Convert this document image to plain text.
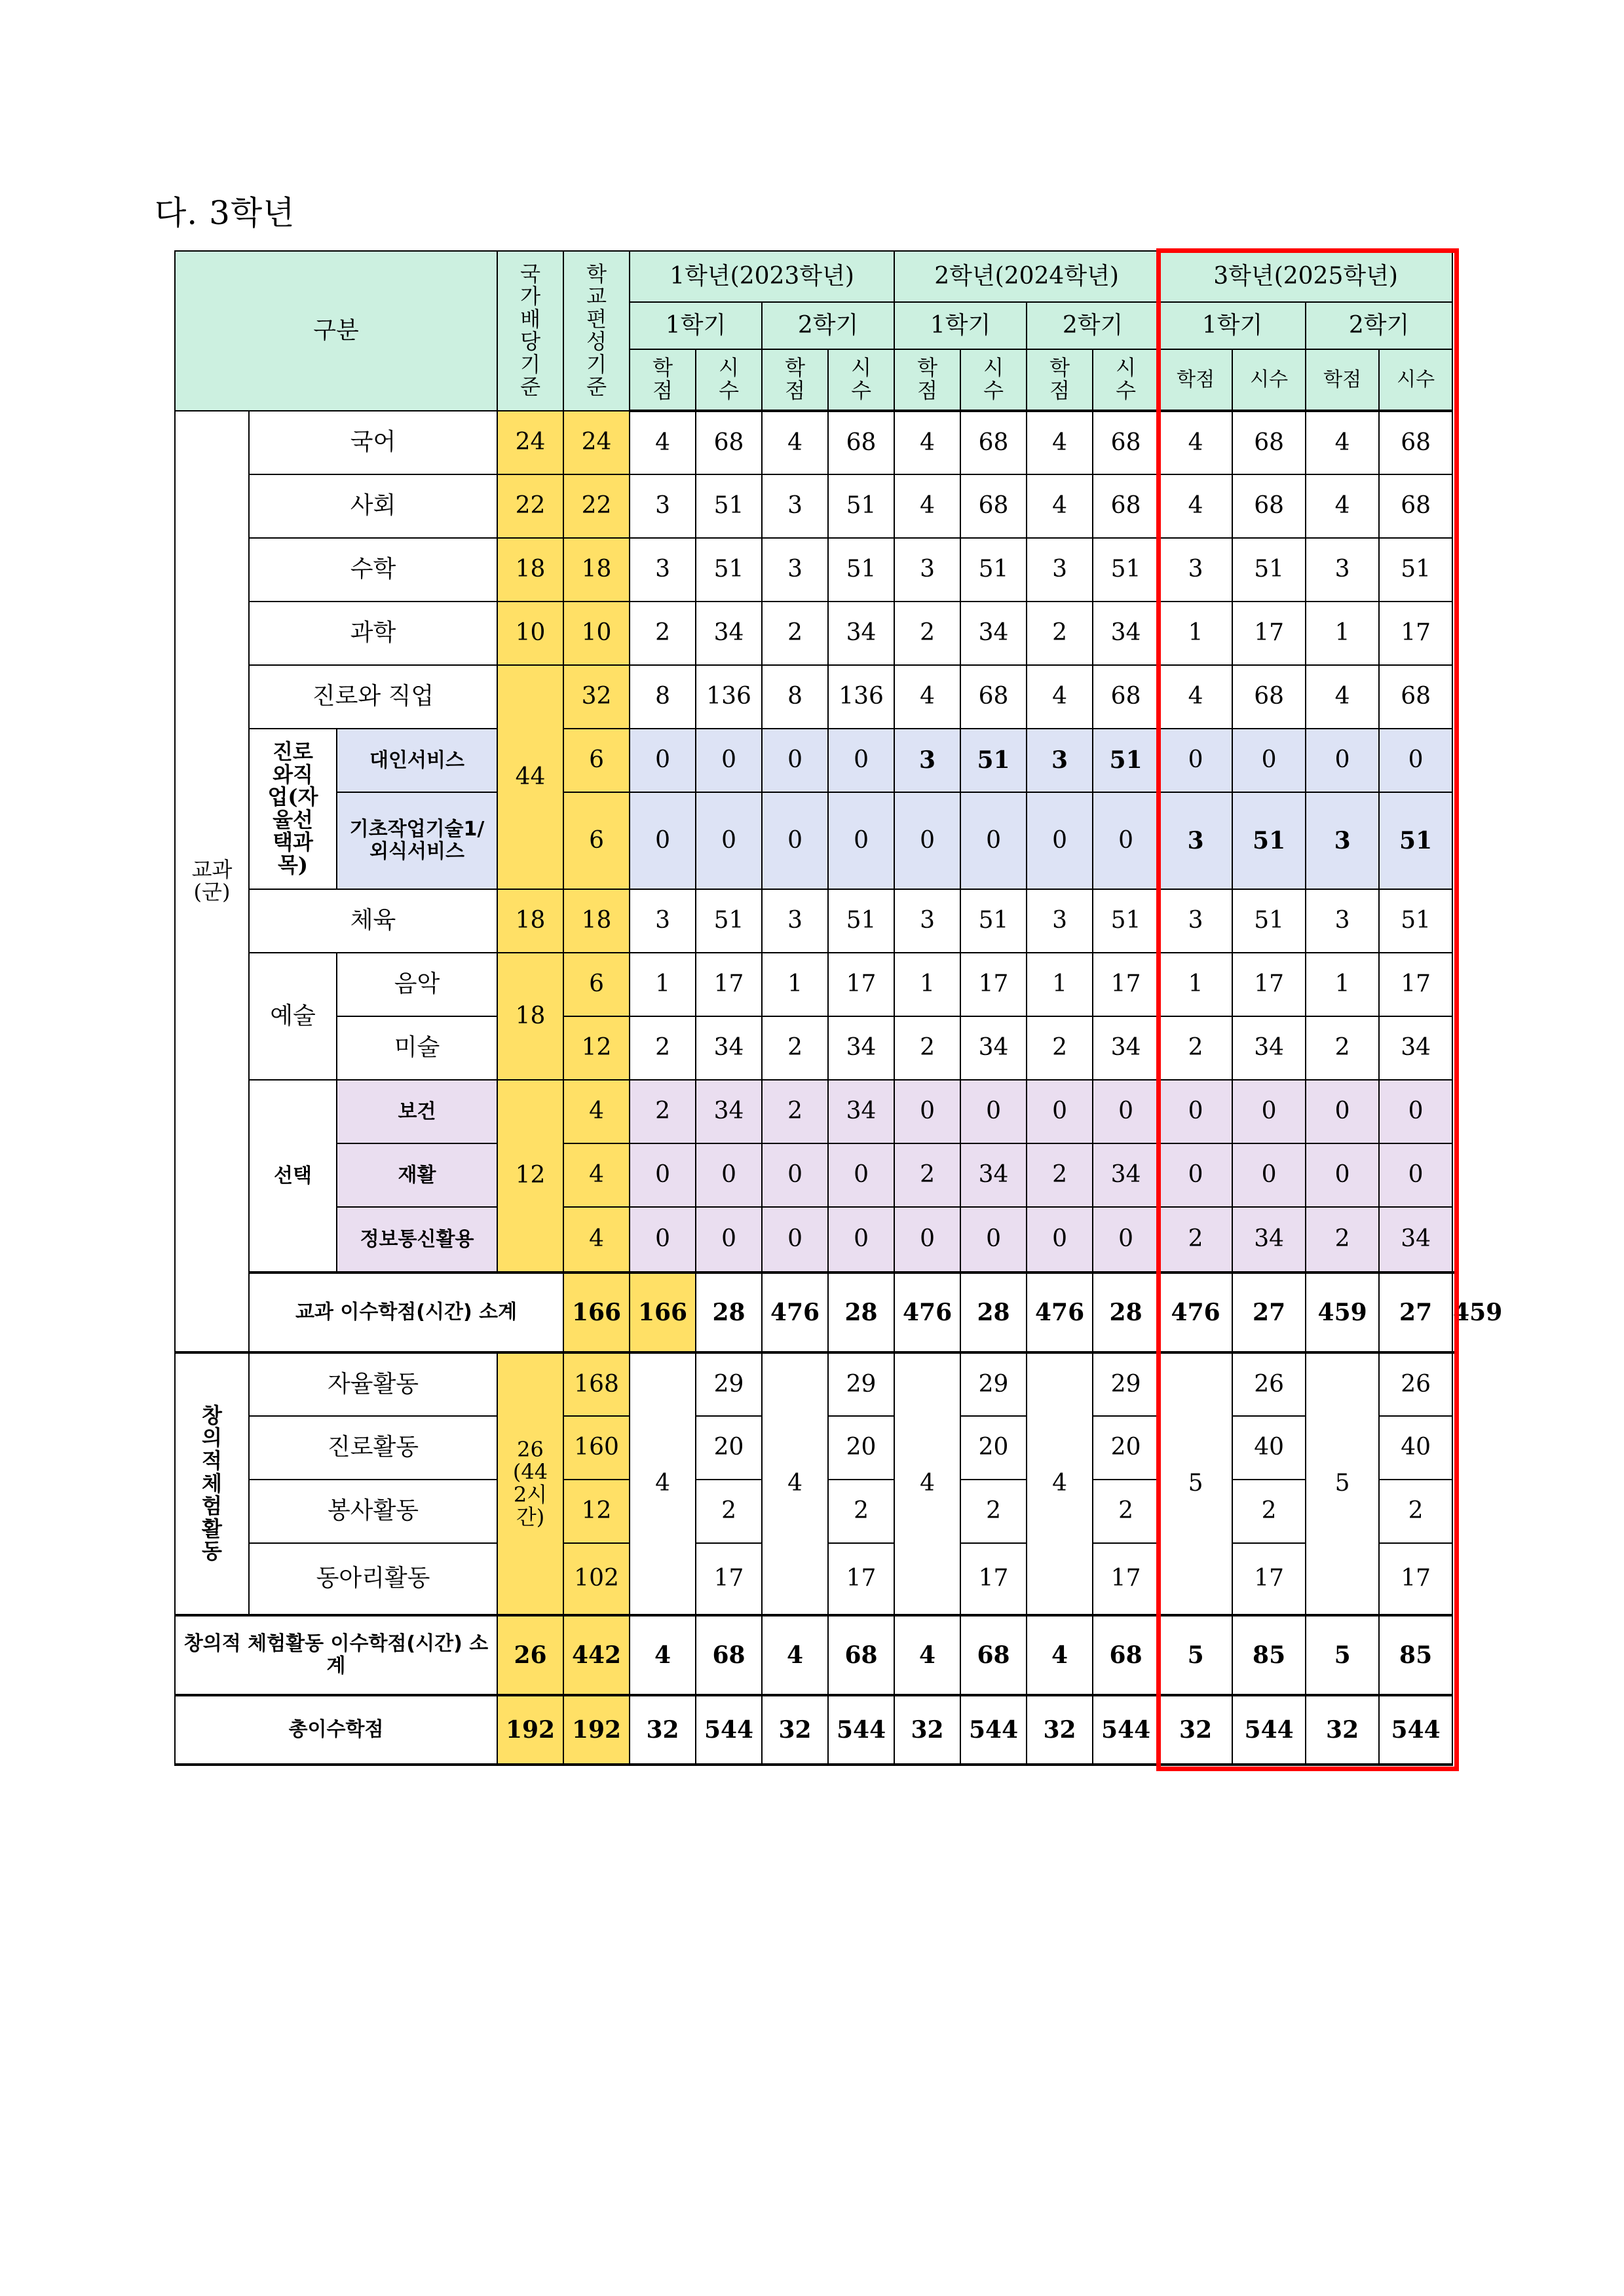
다. 3학년
구분			국가배당기준	학교편성기준	1학년(2023학년)				2학년(2024학년)				3학년(2025학년)				
					1학기		2학기		1학기		2학기		1학기		2학기		
					학점	시수	학점	시수	학점	시수	학점	시수	학점	시수	학점	시수	
교과(군)	국어		24	24	4	68	4	68	4	68	4	68	4	68	4	68	
	사회		22	22	3	51	3	51	4	68	4	68	4	68	4	68	
	수학		18	18	3	51	3	51	3	51	3	51	3	51	3	51	
	과학		10	10	2	34	2	34	2	34	2	34	1	17	1	17	
	진로와 직업		44	32	8	136	8	136	4	68	4	68	4	68	4	68	
	진로와직업(자율선택과목)	대인서비스		6	0	0	0	0	3	51	3	51	0	0	0	0	
		기초작업기술1/ 외식서비스		6	0	0	0	0	0	0	0	0	3	51	3	51	
	체육		18	18	3	51	3	51	3	51	3	51	3	51	3	51	
	예술	음악	18	6	1	17	1	17	1	17	1	17	1	17	1	17	
		미술		12	2	34	2	34	2	34	2	34	2	34	2	34	
	선택	보건	12	4	2	34	2	34	0	0	0	0	0	0	0	0	
		재활		4	0	0	0	0	2	34	2	34	0	0	0	0	
		정보통신활용		4	0	0	0	0	0	0	0	0	2	34	2	34	
	교과 이수학점(시간) 소계			166	166	28	476	28	476	28	476	28	476	27	459	27	459
창의적체험활동	자율활동		26(442시간)	168	4	29	4	29	4	29	4	29	5	26	5	26	
	진로활동			160		20		20		20		20		40		40	
	봉사활동			12		2		2		2		2		2		2	
	동아리활동			102		17		17		17		17		17		17	
창의적 체험활동 이수학점(시간) 소계			26	442	4	68	4	68	4	68	4	68	5	85	5	85	
총이수학점			192	192	32	544	32	544	32	544	32	544	32	544	32	544	
